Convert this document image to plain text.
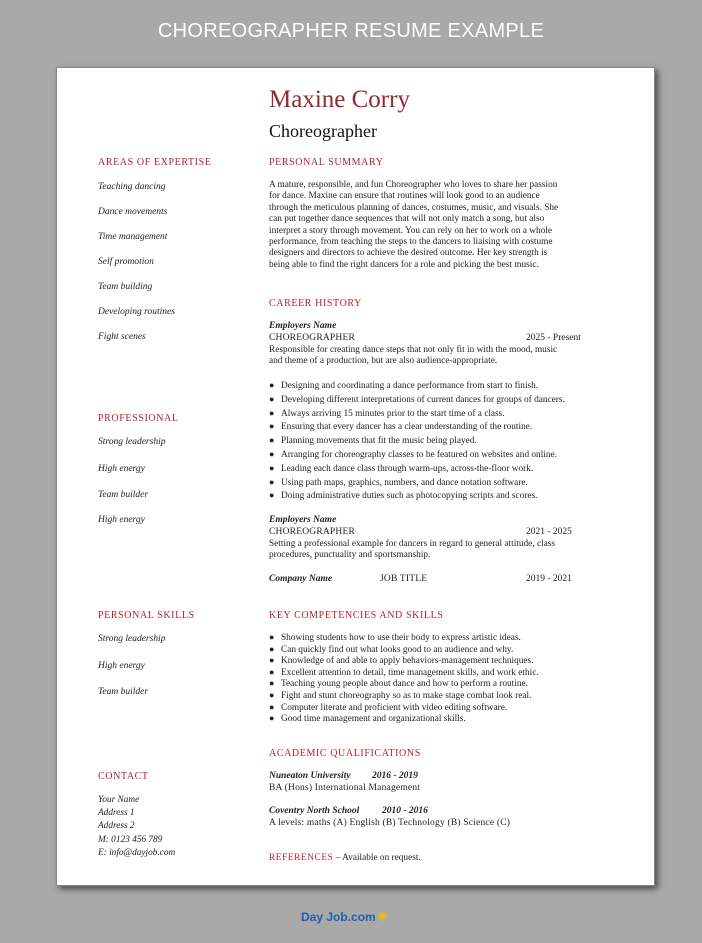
CHOREOGRAPHER RESUME EXAMPLE
Maxine Corry
Choreographer
AREAS OF EXPERTISE
Teaching dancing
Dance movements
Time management
Self promotion
Team building
Developing routines
Fight scenes
PROFESSIONAL
Strong leadership
High energy
Team builder
High energy
PERSONAL SKILLS
Strong leadership
High energy
Team builder
CONTACT
Your Name
Address 1
Address 2
M: 0123 456 789
E: info@dayjob.com
PERSONAL SUMMARY
A mature, responsible, and fun Choreographer who loves to share her passion
for dance. Maxine can ensure that routines will look good to an audience
through the meticulous planning of dances, costumes, music, and visuals. She
can put together dance sequences that will not only match a song, but also
interpret a story through movement. You can rely on her to work on a whole
performance, from teaching the steps to the dancers to liaising with costume
designers and directors to achieve the desired outcome. Her key strength is
being able to find the right dancers for a role and picking the best music.
CAREER HISTORY
Employers Name
CHOREOGRAPHER	2025 - Present
Responsible for creating dance steps that not only fit in with the mood, music
and theme of a production, but are also audience-appropriate.
● Designing and coordinating a dance performance from start to finish.
● Developing different interpretations of current dances for groups of dancers.
● Always arriving 15 minutes prior to the start time of a class.
● Ensuring that every dancer has a clear understanding of the routine.
● Planning movements that fit the music being played.
● Arranging for choreography classes to be featured on websites and online.
● Leading each dance class through warm-ups, across-the-floor work.
● Using path maps, graphics, numbers, and dance notation software.
● Doing administrative duties such as photocopying scripts and scores.
Employers Name
CHOREOGRAPHER	2021 - 2025
Setting a professional example for dancers in regard to general attitude, class
procedures, punctuality and sportsmanship.
Company Name	JOB TITLE	2019 - 2021
KEY COMPETENCIES AND SKILLS
● Showing students how to use their body to express artistic ideas.
● Can quickly find out what looks good to an audience and why.
● Knowledge of and able to apply behaviors-management techniques.
● Excellent attention to detail, time management skills, and work ethic.
● Teaching young people about dance and how to perform a routine.
● Fight and stunt choreography so as to make stage combat look real.
● Computer literate and proficient with video editing software.
● Good time management and organizational skills.
ACADEMIC QUALIFICATIONS
Nuneaton University 2016 - 2019
BA (Hons) International Management
Coventry North School 2010 - 2016
A levels: maths (A) English (B) Technology (B) Science (C)
REFERENCES – Available on request.
Day Job.com☀
